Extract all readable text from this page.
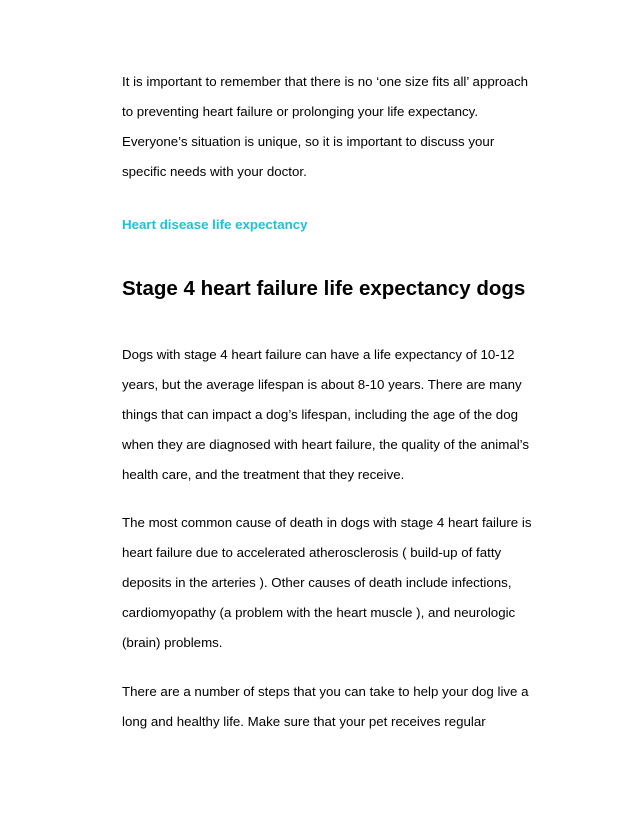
It is important to remember that there is no ‘one size fits all’ approach
to preventing heart failure or prolonging your life expectancy.
Everyone’s situation is unique, so it is important to discuss your
specific needs with your doctor.
Heart disease life expectancy
Stage 4 heart failure life expectancy dogs
Dogs with stage 4 heart failure can have a life expectancy of 10-12
years, but the average lifespan is about 8-10 years. There are many
things that can impact a dog’s lifespan, including the age of the dog
when they are diagnosed with heart failure, the quality of the animal’s
health care, and the treatment that they receive.
The most common cause of death in dogs with stage 4 heart failure is
heart failure due to accelerated atherosclerosis ( build-up of fatty
deposits in the arteries ). Other causes of death include infections,
cardiomyopathy (a problem with the heart muscle ), and neurologic
(brain) problems.
There are a number of steps that you can take to help your dog live a
long and healthy life. Make sure that your pet receives regular
